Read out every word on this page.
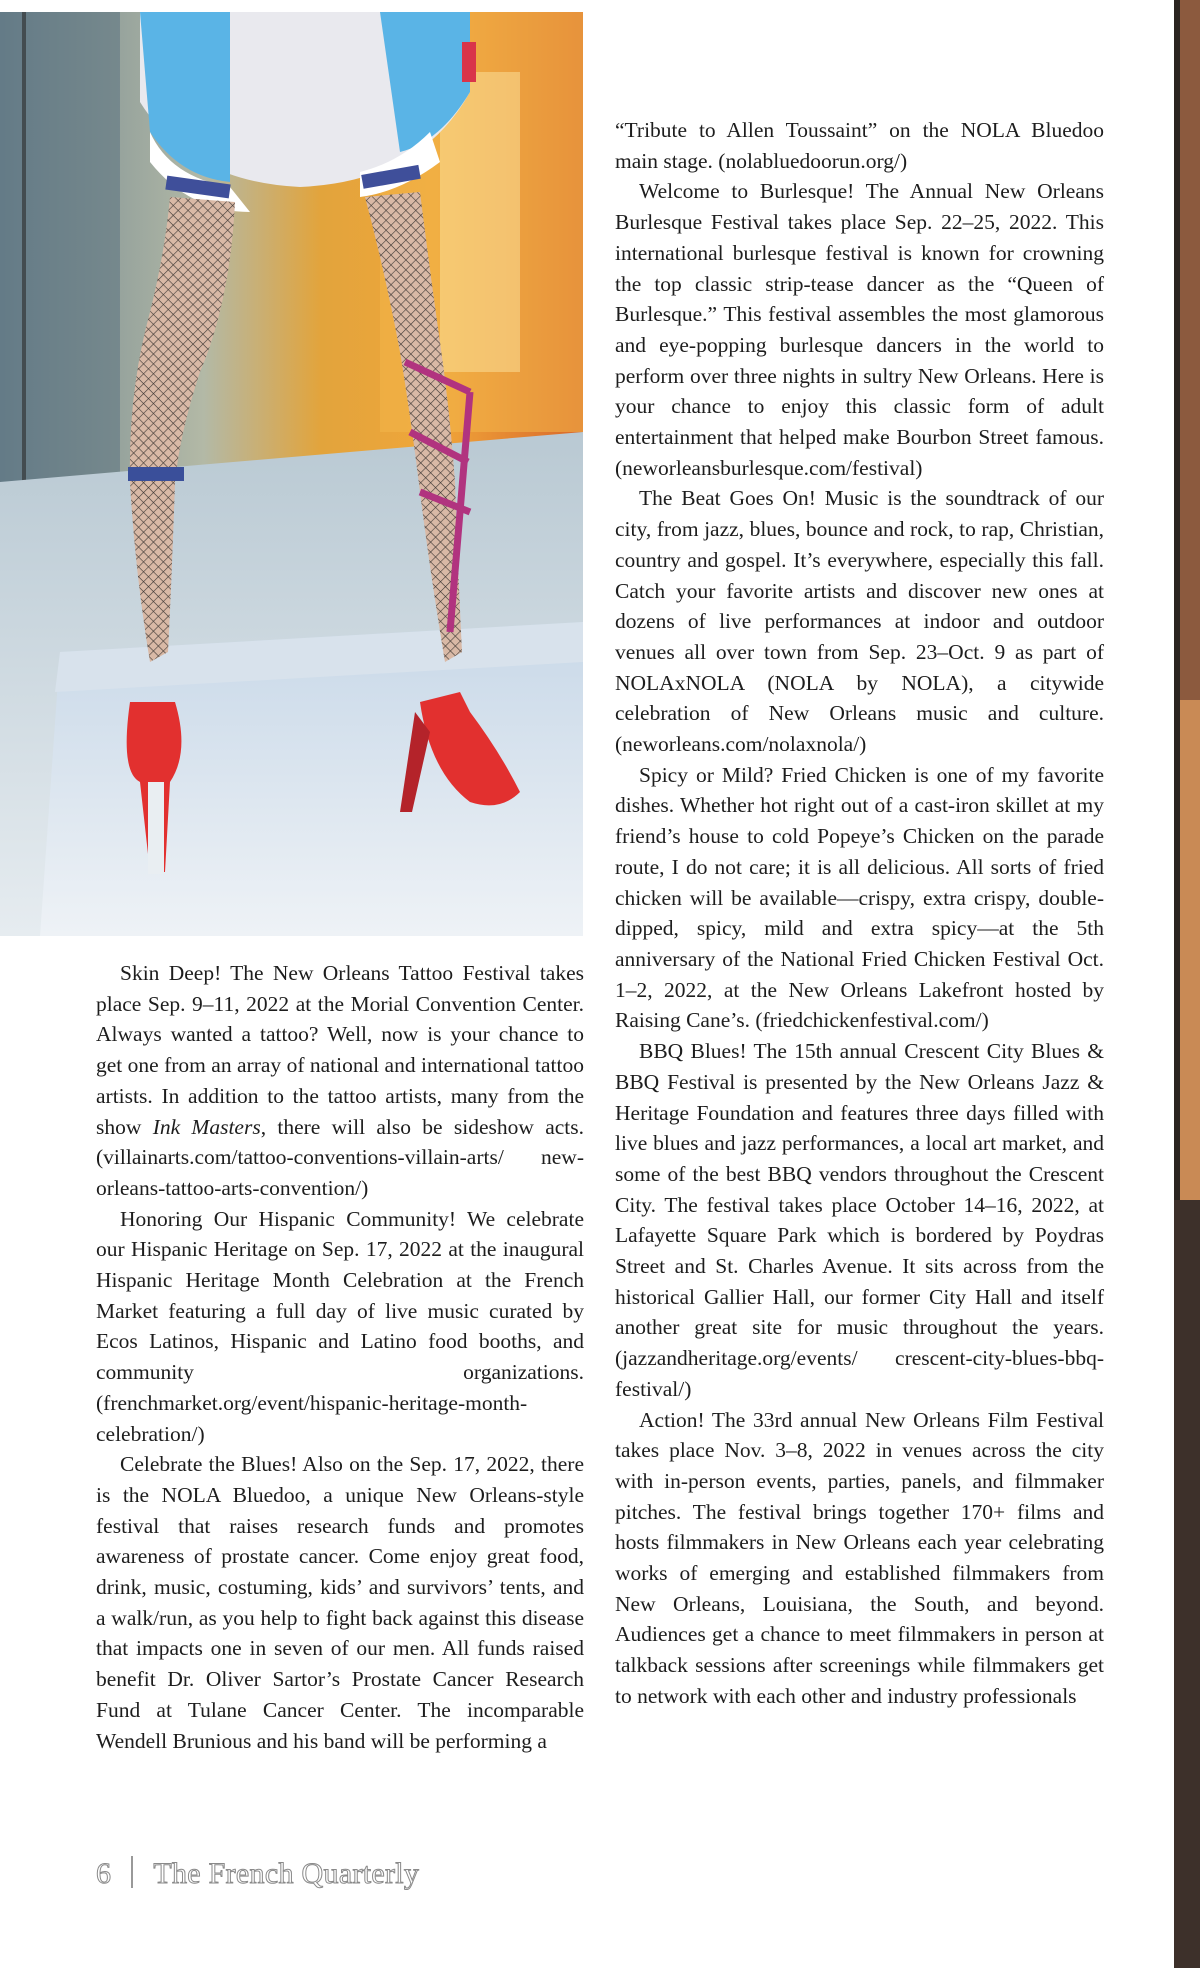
Skin Deep! The New Orleans Tattoo Festival takes place Sep. 9–11, 2022 at the Morial Convention Center. Always wanted a tattoo? Well, now is your chance to get one from an array of national and international tattoo artists. In addition to the tattoo artists, many from the show Ink Masters, there will also be sideshow acts. (villainarts.com/tattoo-conventions-villain-arts/ new-orleans-tattoo-arts-convention/)

Honoring Our Hispanic Community! We celebrate our Hispanic Heritage on Sep. 17, 2022 at the inaugural Hispanic Heritage Month Celebration at the French Market featuring a full day of live music curated by Ecos Latinos, Hispanic and Latino food booths, and community organizations. (frenchmarket.org/event/hispanic-heritage-month-celebration/)

Celebrate the Blues! Also on the Sep. 17, 2022, there is the NOLA Bluedoo, a unique New Orleans-style festival that raises research funds and promotes awareness of prostate cancer. Come enjoy great food, drink, music, costuming, kids’ and survivors’ tents, and a walk/run, as you help to fight back against this disease that impacts one in seven of our men. All funds raised benefit Dr. Oliver Sartor’s Prostate Cancer Research Fund at Tulane Cancer Center. The incomparable Wendell Brunious and his band will be performing a

“Tribute to Allen Toussaint” on the NOLA Bluedoo main stage. (nolabluedoorun.org/)

Welcome to Burlesque! The Annual New Orleans Burlesque Festival takes place Sep. 22–25, 2022. This international burlesque festival is known for crowning the top classic strip-tease dancer as the “Queen of Burlesque.” This festival assembles the most glamorous and eye-popping burlesque dancers in the world to perform over three nights in sultry New Orleans. Here is your chance to enjoy this classic form of adult entertainment that helped make Bourbon Street famous. (neworleansburlesque.com/festival)

The Beat Goes On! Music is the soundtrack of our city, from jazz, blues, bounce and rock, to rap, Christian, country and gospel. It’s everywhere, especially this fall. Catch your favorite artists and discover new ones at dozens of live performances at indoor and outdoor venues all over town from Sep. 23–Oct. 9 as part of NOLAxNOLA (NOLA by NOLA), a citywide celebration of New Orleans music and culture. (neworleans.com/nolaxnola/)

Spicy or Mild? Fried Chicken is one of my favorite dishes. Whether hot right out of a cast-iron skillet at my friend’s house to cold Popeye’s Chicken on the parade route, I do not care; it is all delicious. All sorts of fried chicken will be available—crispy, extra crispy, double-dipped, spicy, mild and extra spicy—at the 5th anniversary of the National Fried Chicken Festival Oct. 1–2, 2022, at the New Orleans Lakefront hosted by Raising Cane’s. (friedchickenfestival.com/)

BBQ Blues! The 15th annual Crescent City Blues & BBQ Festival is presented by the New Orleans Jazz & Heritage Foundation and features three days filled with live blues and jazz performances, a local art market, and some of the best BBQ vendors throughout the Crescent City. The festival takes place October 14–16, 2022, at Lafayette Square Park which is bordered by Poydras Street and St. Charles Avenue. It sits across from the historical Gallier Hall, our former City Hall and itself another great site for music throughout the years. (jazzandheritage.org/events/ crescent-city-blues-bbq-festival/)

Action! The 33rd annual New Orleans Film Festival takes place Nov. 3–8, 2022 in venues across the city with in-person events, parties, panels, and filmmaker pitches. The festival brings together 170+ films and hosts filmmakers in New Orleans each year celebrating works of emerging and established filmmakers from New Orleans, Louisiana, the South, and beyond. Audiences get a chance to meet filmmakers in person at talkback sessions after screenings while filmmakers get to network with each other and industry professionals

6 The French Quarterly
